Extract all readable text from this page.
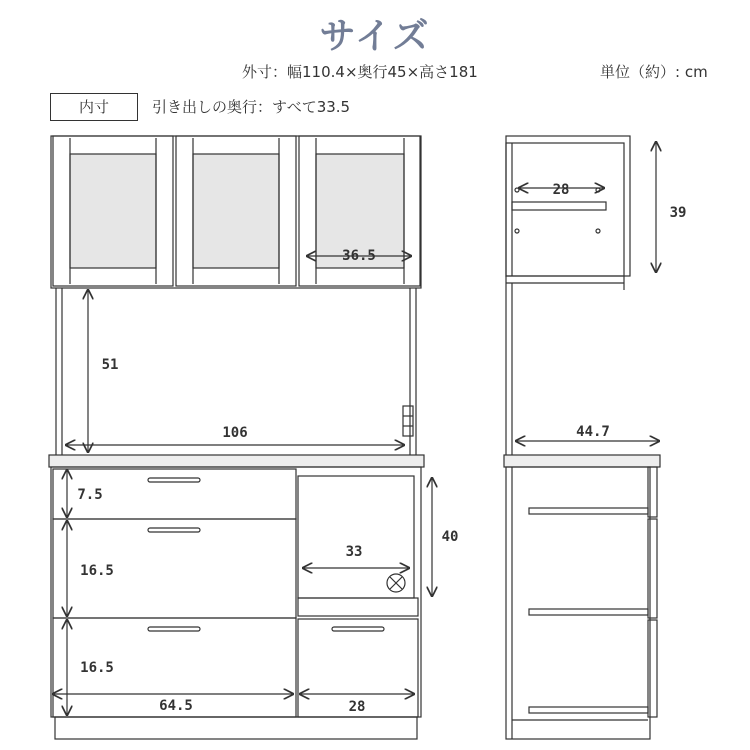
サイズ
外寸：幅110.4×奥行45×高さ181	単位（約）: cm
内寸	引き出しの奥行：すべて33.5
36.5
51
106
7.5
16.5
16.5
64.5
40
33
28
28
39
44.7
